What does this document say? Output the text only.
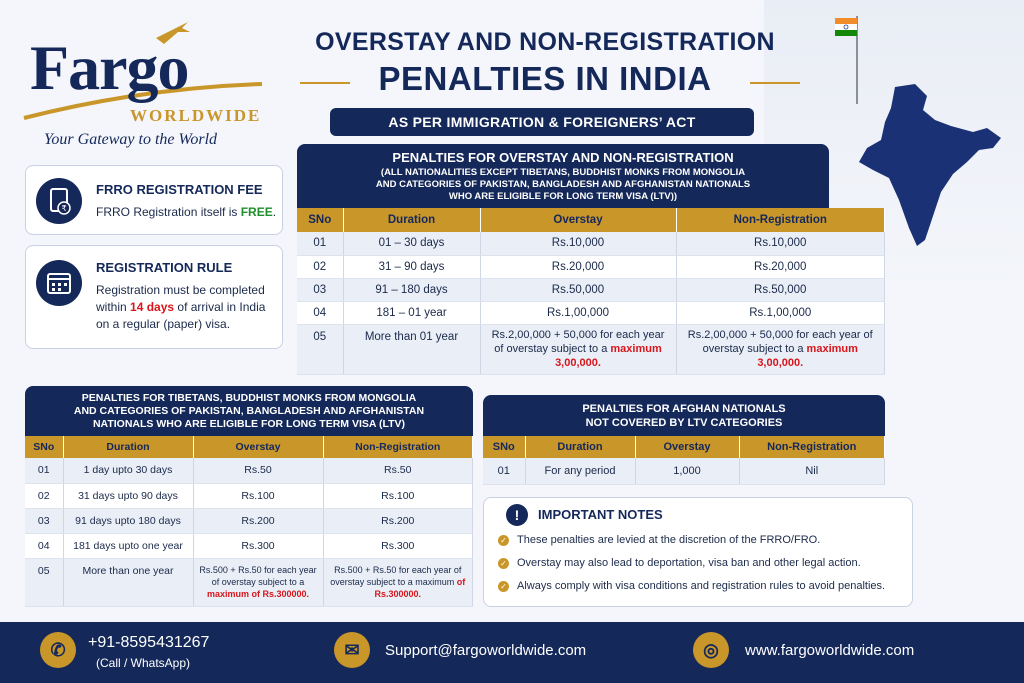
Fargo
WORLDWIDE
Your Gateway to the World
OVERSTAY AND NON-REGISTRATION
PENALTIES IN INDIA
AS PER IMMIGRATION & FOREIGNERS’ ACT
₹
FRRO REGISTRATION FEE

FRRO Registration itself is FREE.

REGISTRATION RULE

Registration must be completed within 14 days of arrival in India on a regular (paper) visa.

PENALTIES FOR OVERSTAY AND NON-REGISTRATION
(ALL NATIONALITIES EXCEPT TIBETANS, BUDDHIST MONKS FROM MONGOLIA
AND CATEGORIES OF PAKISTAN, BANGLADESH AND AFGHANISTAN NATIONALS
WHO ARE ELIGIBLE FOR LONG TERM VISA (LTV))
SNo	Duration	Overstay	Non-Registration
01	01 – 30 days	Rs.10,000	Rs.10,000
02	31 – 90 days	Rs.20,000	Rs.20,000
03	91 – 180 days	Rs.50,000	Rs.50,000
04	181 – 01 year	Rs.1,00,000	Rs.1,00,000
05	More than 01 year	Rs.2,00,000 + 50,000 for each year of overstay subject to a maximum 3,00,000.	Rs.2,00,000 + 50,000 for each year of overstay subject to a maximum 3,00,000.
PENALTIES FOR TIBETANS, BUDDHIST MONKS FROM MONGOLIA
AND CATEGORIES OF PAKISTAN, BANGLADESH AND AFGHANISTAN
NATIONALS WHO ARE ELIGIBLE FOR LONG TERM VISA (LTV)
SNo	Duration	Overstay	Non-Registration
01	1 day upto 30 days	Rs.50	Rs.50
02	31 days upto 90 days	Rs.100	Rs.100
03	91 days upto 180 days	Rs.200	Rs.200
04	181 days upto one year	Rs.300	Rs.300
05	More than one year	Rs.500 + Rs.50 for each year of overstay subject to a maximum of Rs.300000.	Rs.500 + Rs.50 for each year of overstay subject to a maximum of Rs.300000.
PENALTIES FOR AFGHAN NATIONALS
NOT COVERED BY LTV CATEGORIES
SNo	Duration	Overstay	Non-Registration
01	For any period	1,000	Nil
!	IMPORTANT NOTES
✓ These penalties are levied at the discretion of the FRRO/FRO.
✓ Overstay may also lead to deportation, visa ban and other legal action.
✓ Always comply with visa conditions and registration rules to avoid penalties.
✆	+91-8595431267
(Call / WhatsApp)
✉	Support@fargoworldwide.com	◎	www.fargoworldwide.com
